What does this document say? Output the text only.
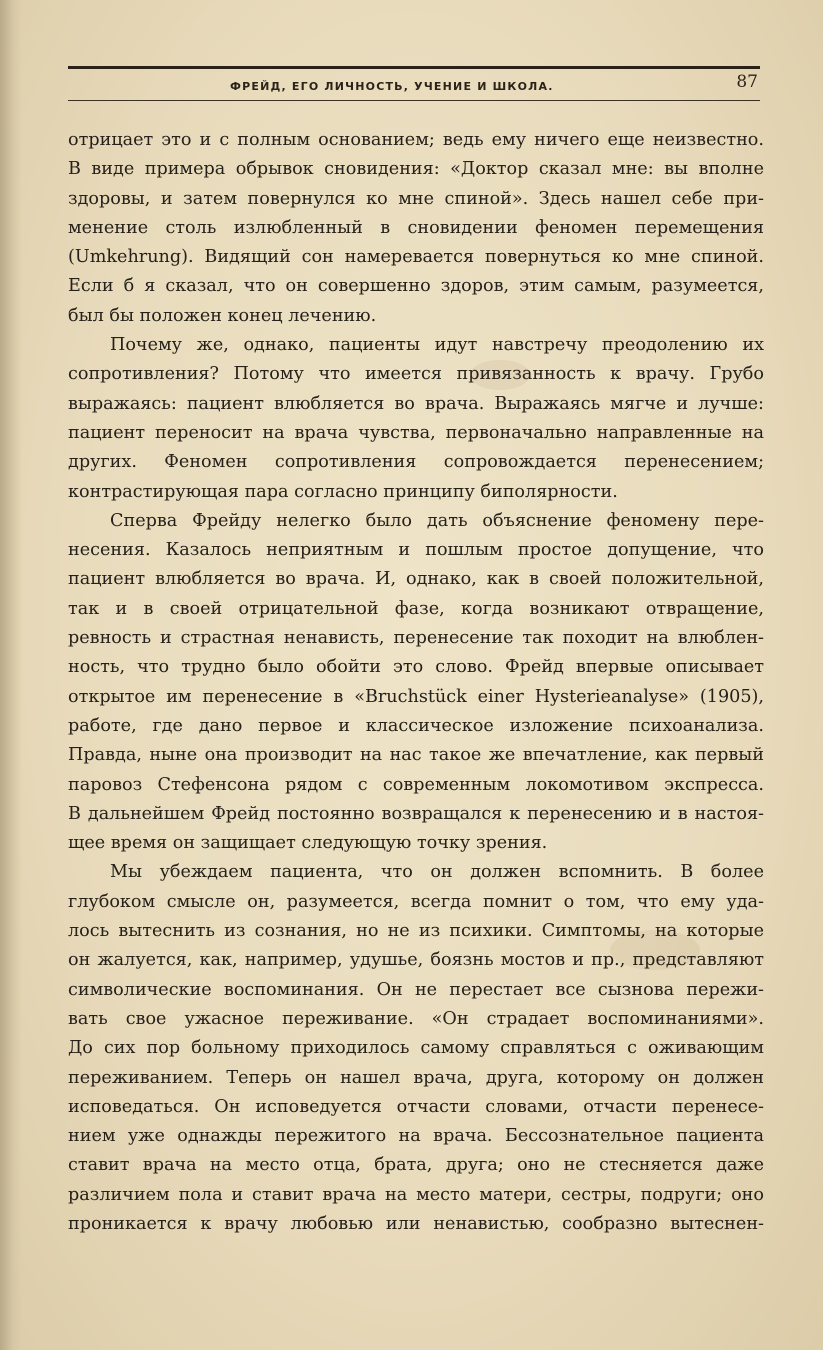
ФРЕЙД, ЕГО ЛИЧНОСТЬ, УЧЕНИЕ И ШКОЛА.	87
отрицает это и с полным основанием; ведь ему ничего еще неизвестно.
В виде примера обрывок сновидения: «Доктор сказал мне: вы вполне
здоровы, и затем повернулся ко мне спиной». Здесь нашел себе при-
менение столь излюбленный в сновидении феномен перемещения
(Umkehrung). Видящий сон намеревается повернуться ко мне спиной.
Если б я сказал, что он совершенно здоров, этим самым, разумеется,
был бы положен конец лечению.
Почему же, однако, пациенты идут навстречу преодолению их
сопротивления? Потому что имеется привязанность к врачу. Грубо
выражаясь: пациент влюбляется во врача. Выражаясь мягче и лучше:
пациент переносит на врача чувства, первоначально направленные на
других. Феномен сопротивления сопровождается перенесением;
контрастирующая пара согласно принципу биполярности.
Сперва Фрейду нелегко было дать объяснение феномену пере-
несения. Казалось неприятным и пошлым простое допущение, что
пациент влюбляется во врача. И, однако, как в своей положительной,
так и в своей отрицательной фазе, когда возникают отвращение,
ревность и страстная ненависть, перенесение так походит на влюблен-
ность, что трудно было обойти это слово. Фрейд впервые описывает
открытое им перенесение в «Bruchstück einer Hysterieanalyse» (1905),
работе, где дано первое и классическое изложение психоанализа.
Правда, ныне она производит на нас такое же впечатление, как первый
паровоз Стефенсона рядом с современным локомотивом экспресса.
В дальнейшем Фрейд постоянно возвращался к перенесению и в настоя-
щее время он защищает следующую точку зрения.
Мы убеждаем пациента, что он должен вспомнить. В более
глубоком смысле он, разумеется, всегда помнит о том, что ему уда-
лось вытеснить из сознания, но не из психики. Симптомы, на которые
он жалуется, как, например, удушье, боязнь мостов и пр., представляют
символические воспоминания. Он не перестает все сызнова пережи-
вать свое ужасное переживание. «Он страдает воспоминаниями».
До сих пор больному приходилось самому справляться с оживающим
переживанием. Теперь он нашел врача, друга, которому он должен
исповедаться. Он исповедуется отчасти словами, отчасти перенесе-
нием уже однажды пережитого на врача. Бессознательное пациента
ставит врача на место отца, брата, друга; оно не стесняется даже
различием пола и ставит врача на место матери, сестры, подруги; оно
проникается к врачу любовью или ненавистью, сообразно вытеснен-
